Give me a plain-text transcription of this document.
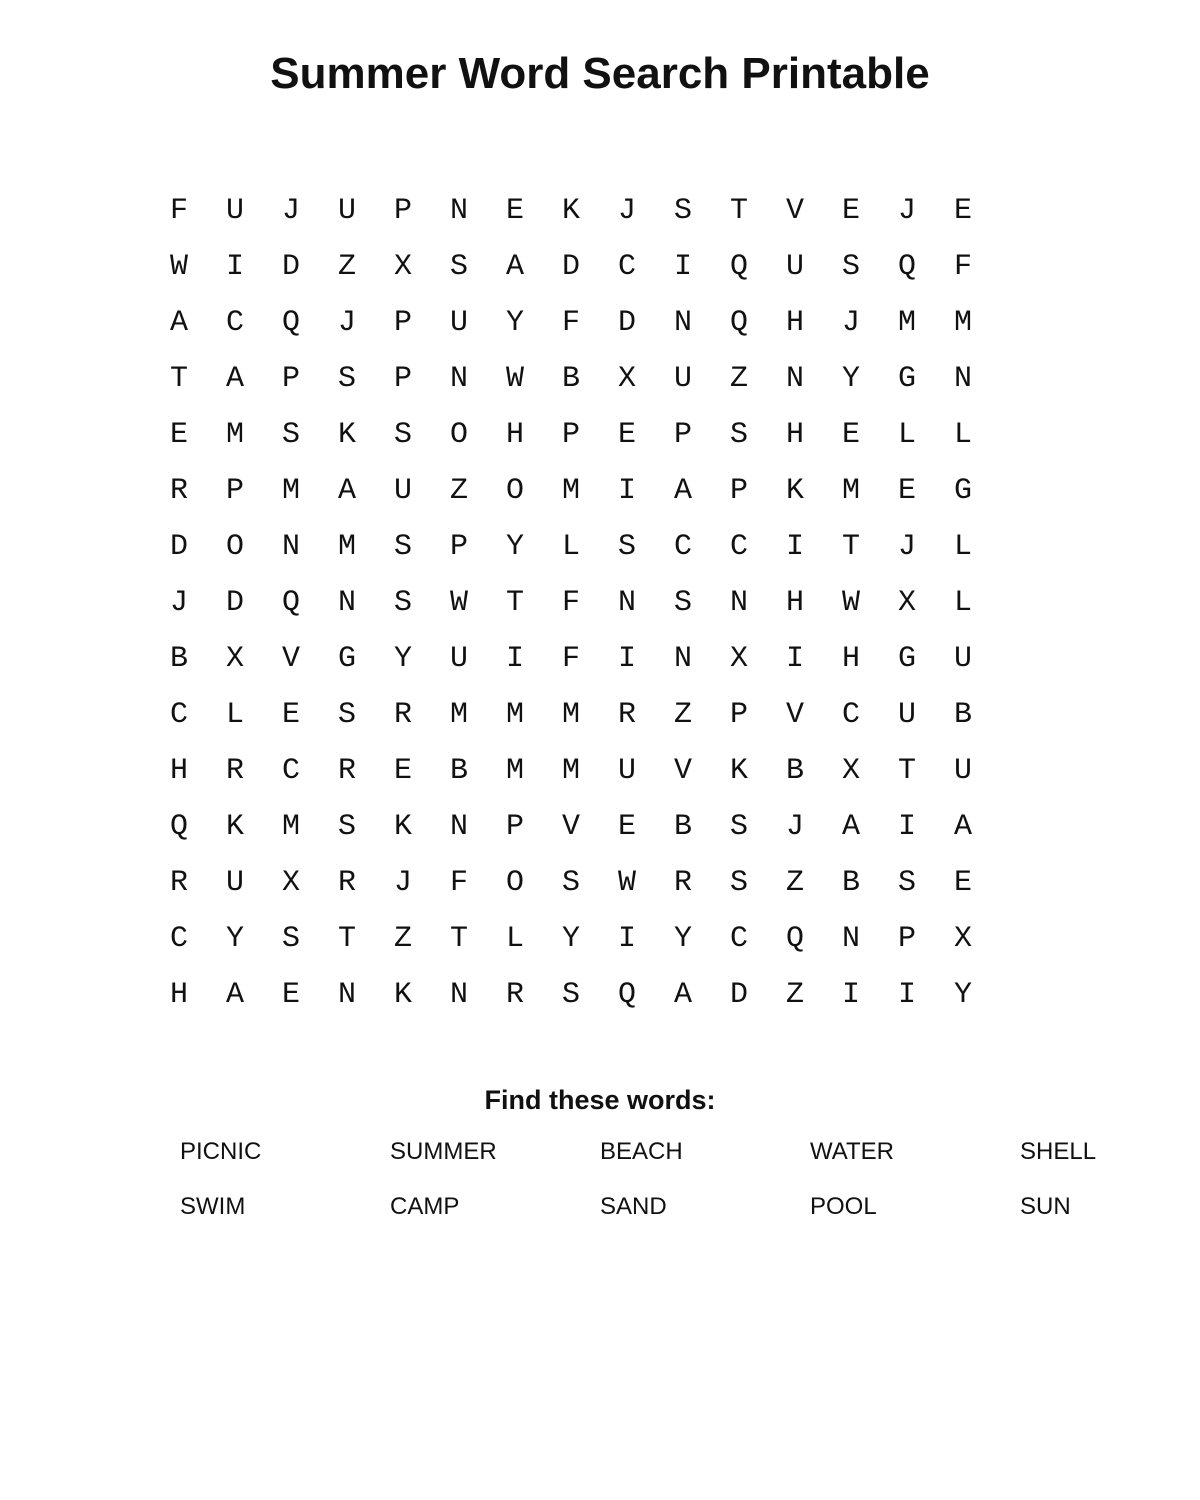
Summer Word Search Printable
F	U	J	U	P	N	E	K	J	S	T	V	E	J	E
W	I	D	Z	X	S	A	D	C	I	Q	U	S	Q	F
A	C	Q	J	P	U	Y	F	D	N	Q	H	J	M	M
T	A	P	S	P	N	W	B	X	U	Z	N	Y	G	N
E	M	S	K	S	O	H	P	E	P	S	H	E	L	L
R	P	M	A	U	Z	O	M	I	A	P	K	M	E	G
D	O	N	M	S	P	Y	L	S	C	C	I	T	J	L
J	D	Q	N	S	W	T	F	N	S	N	H	W	X	L
B	X	V	G	Y	U	I	F	I	N	X	I	H	G	U
C	L	E	S	R	M	M	M	R	Z	P	V	C	U	B
H	R	C	R	E	B	M	M	U	V	K	B	X	T	U
Q	K	M	S	K	N	P	V	E	B	S	J	A	I	A
R	U	X	R	J	F	O	S	W	R	S	Z	B	S	E
C	Y	S	T	Z	T	L	Y	I	Y	C	Q	N	P	X
H	A	E	N	K	N	R	S	Q	A	D	Z	I	I	Y
Find these words:
PICNIC	SUMMER	BEACH	WATER	SHELL
SWIM	CAMP	SAND	POOL	SUN
